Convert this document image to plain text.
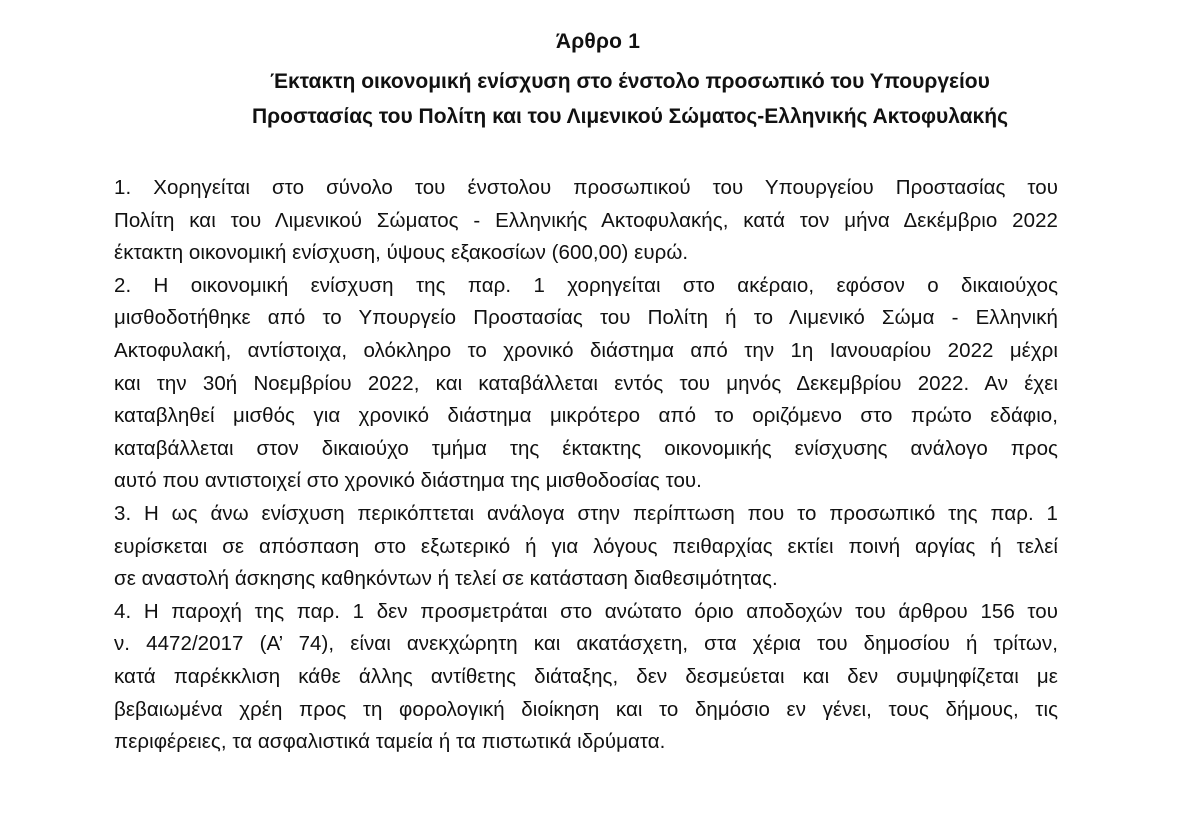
Άρθρο 1
Έκτακτη οικονομική ενίσχυση στο ένστολο προσωπικό του Υπουργείου
Προστασίας του Πολίτη και του Λιμενικού Σώματος-Ελληνικής Ακτοφυλακής
1. Χορηγείται στο σύνολο του ένστολου προσωπικού του Υπουργείου Προστασίας του
Πολίτη και του Λιμενικού Σώματος - Ελληνικής Ακτοφυλακής, κατά τον μήνα Δεκέμβριο 2022
έκτακτη οικονομική ενίσχυση, ύψους εξακοσίων (600,00) ευρώ.
2. Η οικονομική ενίσχυση της παρ. 1 χορηγείται στο ακέραιο, εφόσον ο δικαιούχος
μισθοδοτήθηκε από το Υπουργείο Προστασίας του Πολίτη ή το Λιμενικό Σώμα - Ελληνική
Ακτοφυλακή, αντίστοιχα, ολόκληρο το χρονικό διάστημα από την 1η Ιανουαρίου 2022 μέχρι
και την 30ή Νοεμβρίου 2022, και καταβάλλεται εντός του μηνός Δεκεμβρίου 2022. Αν έχει
καταβληθεί μισθός για χρονικό διάστημα μικρότερο από το οριζόμενο στο πρώτο εδάφιο,
καταβάλλεται στον δικαιούχο τμήμα της έκτακτης οικονομικής ενίσχυσης ανάλογο προς
αυτό που αντιστοιχεί στο χρονικό διάστημα της μισθοδοσίας του.
3. Η ως άνω ενίσχυση περικόπτεται ανάλογα στην περίπτωση που το προσωπικό της παρ. 1
ευρίσκεται σε απόσπαση στο εξωτερικό ή για λόγους πειθαρχίας εκτίει ποινή αργίας ή τελεί
σε αναστολή άσκησης καθηκόντων ή τελεί σε κατάσταση διαθεσιμότητας.
4. Η παροχή της παρ. 1 δεν προσμετράται στο ανώτατο όριο αποδοχών του άρθρου 156 του
ν. 4472/2017 (Α’ 74), είναι ανεκχώρητη και ακατάσχετη, στα χέρια του δημοσίου ή τρίτων,
κατά παρέκκλιση κάθε άλλης αντίθετης διάταξης, δεν δεσμεύεται και δεν συμψηφίζεται με
βεβαιωμένα χρέη προς τη φορολογική διοίκηση και το δημόσιο εν γένει, τους δήμους, τις
περιφέρειες, τα ασφαλιστικά ταμεία ή τα πιστωτικά ιδρύματα.
